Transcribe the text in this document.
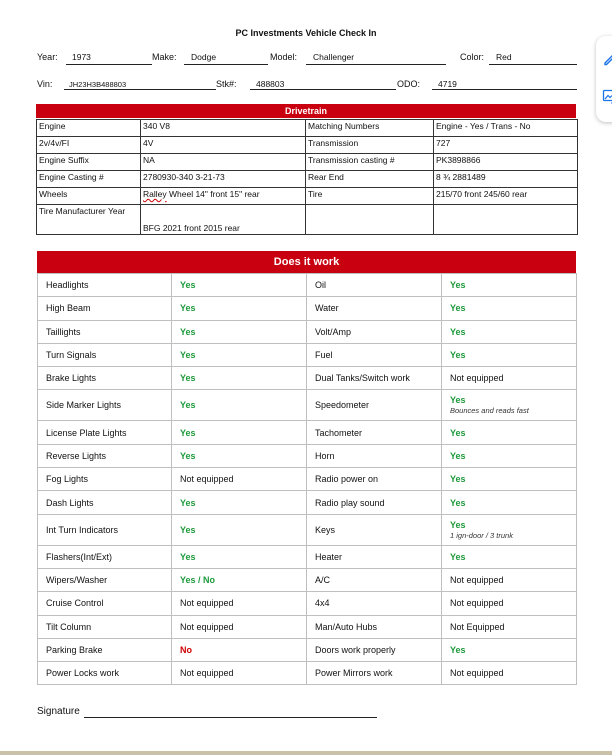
PC Investments Vehicle Check In
Year: 1973	Make: Dodge	Model: Challenger	Color: Red
Vin: JH23H3B488803	Stk#: 488803	ODO: 4719
Drivetrain
Engine	340 V8	Matching Numbers	Engine - Yes / Trans - No
2v/4v/FI	4V	Transmission	727
Engine Suffix	NA	Transmission casting #	PK3898866
Engine Casting #	2780930-340 3-21-73	Rear End	8 ¾ 2881489
Wheels	Ralley Wheel 14" front 15" rear	Tire	215/70 front 245/60 rear
Tire Manufacturer Year	BFG 2021 front 2015 rear		
Does it work
Headlights	Yes	Oil	Yes
High Beam	Yes	Water	Yes
Taillights	Yes	Volt/Amp	Yes
Turn Signals	Yes	Fuel	Yes
Brake Lights	Yes	Dual Tanks/Switch work	Not equipped
Side Marker Lights	Yes	Speedometer	Yes
Bounces and reads fast

License Plate Lights	Yes	Tachometer	Yes
Reverse Lights	Yes	Horn	Yes
Fog Lights	Not equipped	Radio power on	Yes
Dash Lights	Yes	Radio play sound	Yes
Int Turn Indicators	Yes	Keys	Yes
1 ign-door / 3 trunk

Flashers(Int/Ext)	Yes	Heater	Yes
Wipers/Washer	Yes / No	A/C	Not equipped
Cruise Control	Not equipped	4x4	Not equipped
Tilt Column	Not equipped	Man/Auto Hubs	Not Equipped
Parking Brake	No	Doors work properly	Yes
Power Locks work	Not equipped	Power Mirrors work	Not equipped
Signature
